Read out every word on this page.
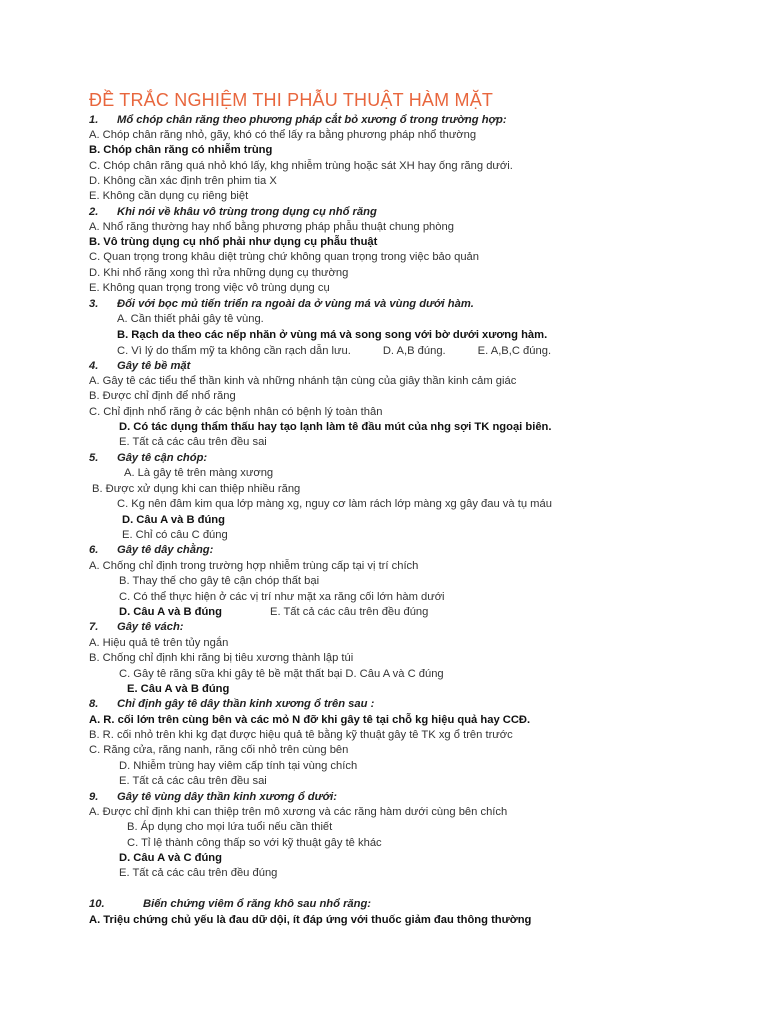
ĐỀ TRẮC NGHIỆM THI PHẪU THUẬT HÀM MẶT
1. Mổ chóp chân răng theo phương pháp cắt bỏ xương ổ trong trường hợp:
A. Chóp chân răng nhỏ, gãy, khó có thể lấy ra bằng phương pháp nhổ thường
B. Chóp chân răng có nhiễm trùng
C. Chóp chân răng quá nhỏ khó lấy, khg nhiễm trùng hoặc sát XH hay ống răng dưới.
D. Không cần xác định trên phim tia X
E. Không cần dụng cụ riêng biệt
2. Khi nói về khâu vô trùng trong dụng cụ nhổ răng
A. Nhổ răng thường hay nhổ bằng phương pháp phẫu thuật chung phòng
B. Vô trùng dụng cụ nhổ phải như dụng cụ phẫu thuật
C. Quan trọng trong khâu diệt trùng chứ không quan trọng trong việc bảo quản
D. Khi nhổ răng xong thì rửa những dụng cụ thường
E. Không quan trọng trong việc vô trùng dụng cụ
3. Đối với bọc mủ tiến triển ra ngoài da ở vùng má và vùng dưới hàm.
A. Cần thiết phải gây tê vùng.
B. Rạch da theo các nếp nhăn ở vùng má và song song với bờ dưới xương hàm.
C. Vì lý do thẩm mỹ ta không cần rạch dẫn lưu.	D. A,B đúng.	E. A,B,C đúng.
4. Gây tê bề mặt
A. Gây tê các tiểu thể thần kinh và những nhánh tận cùng của giây thần kinh cảm giác
B. Được chỉ định để nhổ răng
C. Chỉ định nhổ răng ở các bệnh nhân có bệnh lý toàn thân
D. Có tác dụng thẩm thấu hay tạo lạnh làm tê đầu mút của nhg sợi TK ngoại biên.
E. Tất cả các câu trên đều sai
5. Gây tê cận chóp:
A. Là gây tê trên màng xương
B. Được xử dụng khi can thiệp nhiều răng
C. Kg nên đâm kim qua lớp màng xg, nguy cơ làm rách lớp màng xg gây đau và tụ máu
D. Câu A và B đúng
E. Chỉ có câu C đúng
6. Gây tê dây chằng:
A. Chống chỉ định trong trường hợp nhiễm trùng cấp tại vị trí chích
B. Thay thế cho gây tê cận chóp thất bại
C. Có thể thực hiện ở các vị trí như mặt xa răng cối lớn hàm dưới
D. Câu A và B đúng	E. Tất cả các câu trên đều đúng
7. Gây tê vách:
A. Hiệu quả tê trên tủy ngắn
B. Chống chỉ định khi răng bị tiêu xương thành lập túi
C. Gây tê răng sữa khi gây tê bề mặt thất bại D. Câu A và C đúng
E. Câu A và B đúng
8. Chỉ định gây tê dây thần kinh xương ổ trên sau :
A. R. cối lớn trên cùng bên và các mỏ N đỡ khi gây tê tại chỗ kg hiệu quả hay CCĐ.
B. R. cối nhỏ trên khi kg đạt được hiệu quả tê bằng kỹ thuật gây tê TK xg ổ trên trước
C. Răng cửa, răng nanh, răng cối nhỏ trên cùng bên
D. Nhiễm trùng hay viêm cấp tính tại vùng chích
E. Tất cả các câu trên đều sai
9. Gây tê vùng dây thần kinh xương ổ dưới:
A. Được chỉ định khi can thiệp trên mô xương và các răng hàm dưới cùng bên chích
B. Áp dụng cho mọi lứa tuổi nếu cần thiết
C. Tỉ lệ thành công thấp so với kỹ thuật gây tê khác
D. Câu A và C đúng
E. Tất cả các câu trên đều đúng
10.	Biến chứng viêm ổ răng khô sau nhổ răng:
A. Triệu chứng chủ yếu là đau dữ dội, ít đáp ứng với thuốc giảm đau thông thường
